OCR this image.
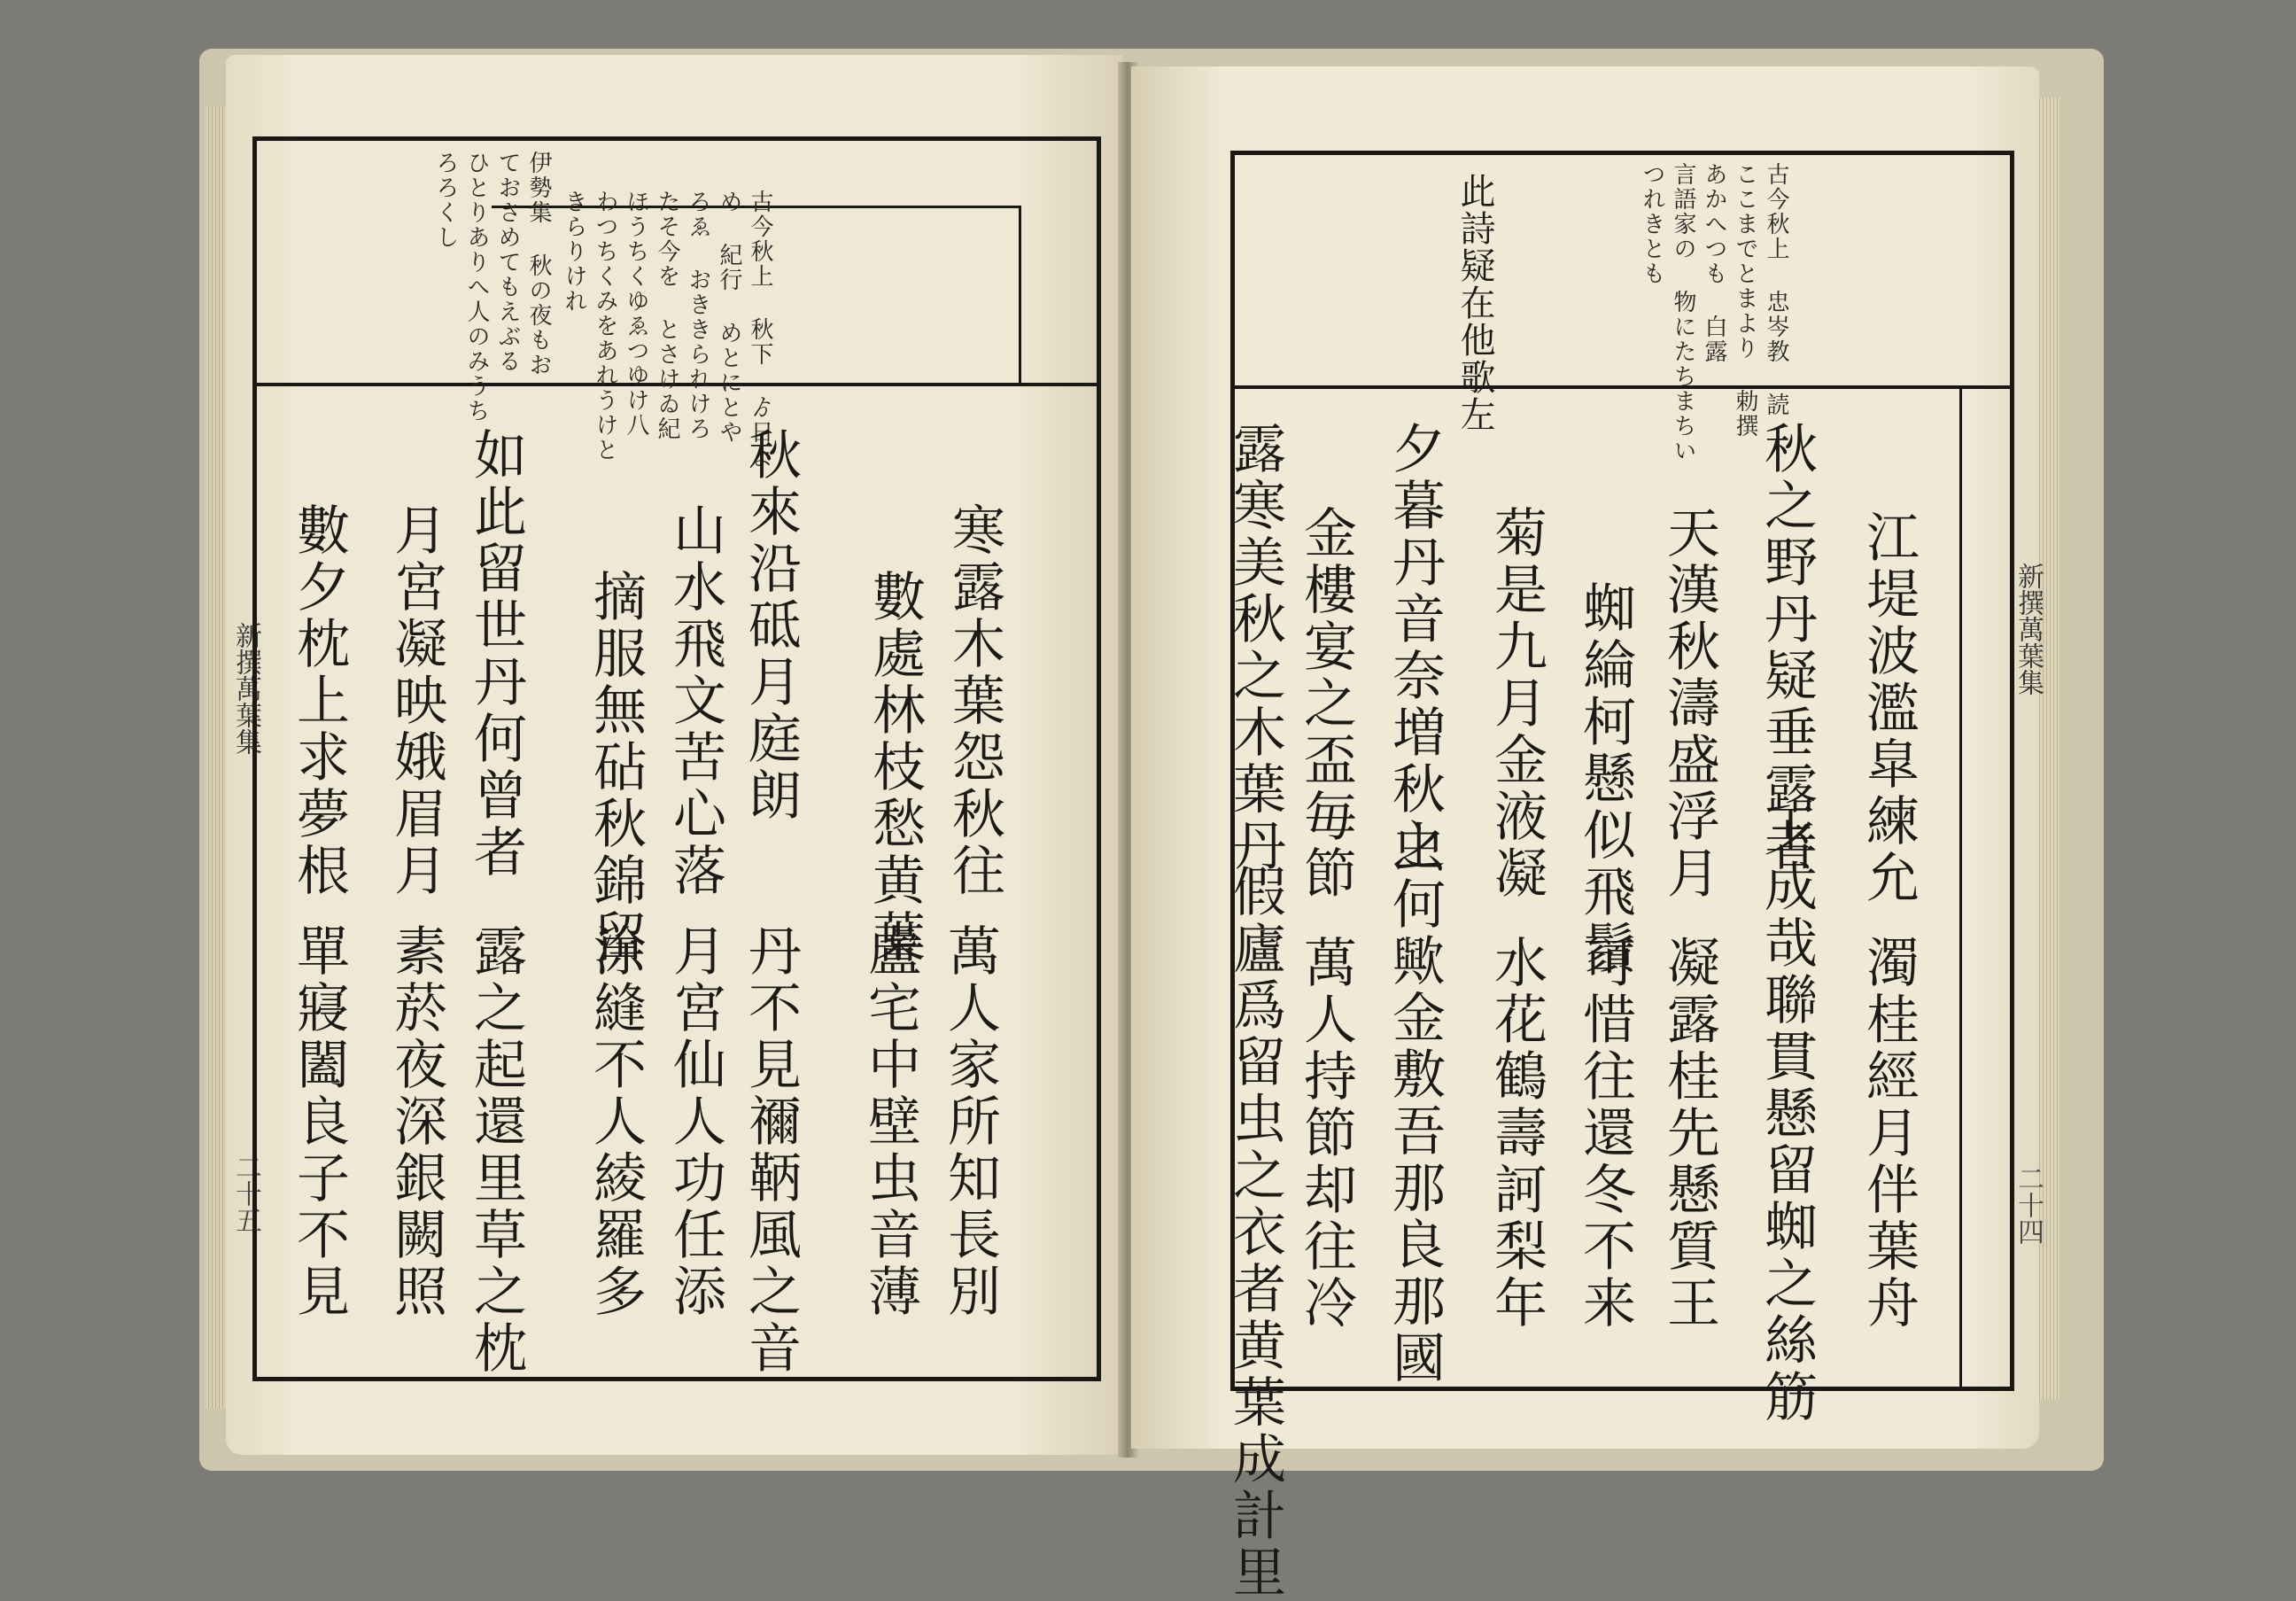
新撰萬葉集
二十五
古今秋上 秋下 ゟ日よ
め 紀行 めとにとや
ろゑ おききられけろ
たそ今を とさけゐ紀
ほうちくゆゑつゆけ八
わつちくみをあれうけと
きらりけれ
伊勢集 秋の夜もお
ておさめてもえぶる
ひとりありへ人のみうち
ろろくし
寒露木葉怨秋往
數處林枝愁黄葉
秋來沿砥月庭朗
山水飛文苦心落
摘服無砧秋錦留
如此留世丹何曾者
月宮凝映娥眉月
數夕枕上求夢根
萬人家所知長別
盧宅中壁虫音薄
丹不見禰鞆風之音
月宮仙人功任添
涂縫不人綾羅多
露之起還里草之枕
素菸夜深銀闕照
單寢闔良子不見
新撰萬葉集
二十四
古今秋上 忠岑教 読
ここまでとまより 勅撰
あかへつも 白露
言語家の 物にたちまちい
つれきとも
此詩疑在他歌左
江堤波濫皐練允
秋之野丹疑垂露者
天漢秋濤盛浮月
蜘綸柯懸似飛鬚
菊是九月金液凝
夕暮丹音奈増秋之
金樓宴之盃毎節
露寒美秋之木葉丹
濁桂經月伴葉舟
玉成哉聯貫懸留蜘之絲筋
凝露桂先懸質王
可惜往還冬不来
水花鶴壽訶梨年
虫何歟金敷吾那良那國
萬人持節却往冷
假廬爲留虫之衣者黄葉成計里
